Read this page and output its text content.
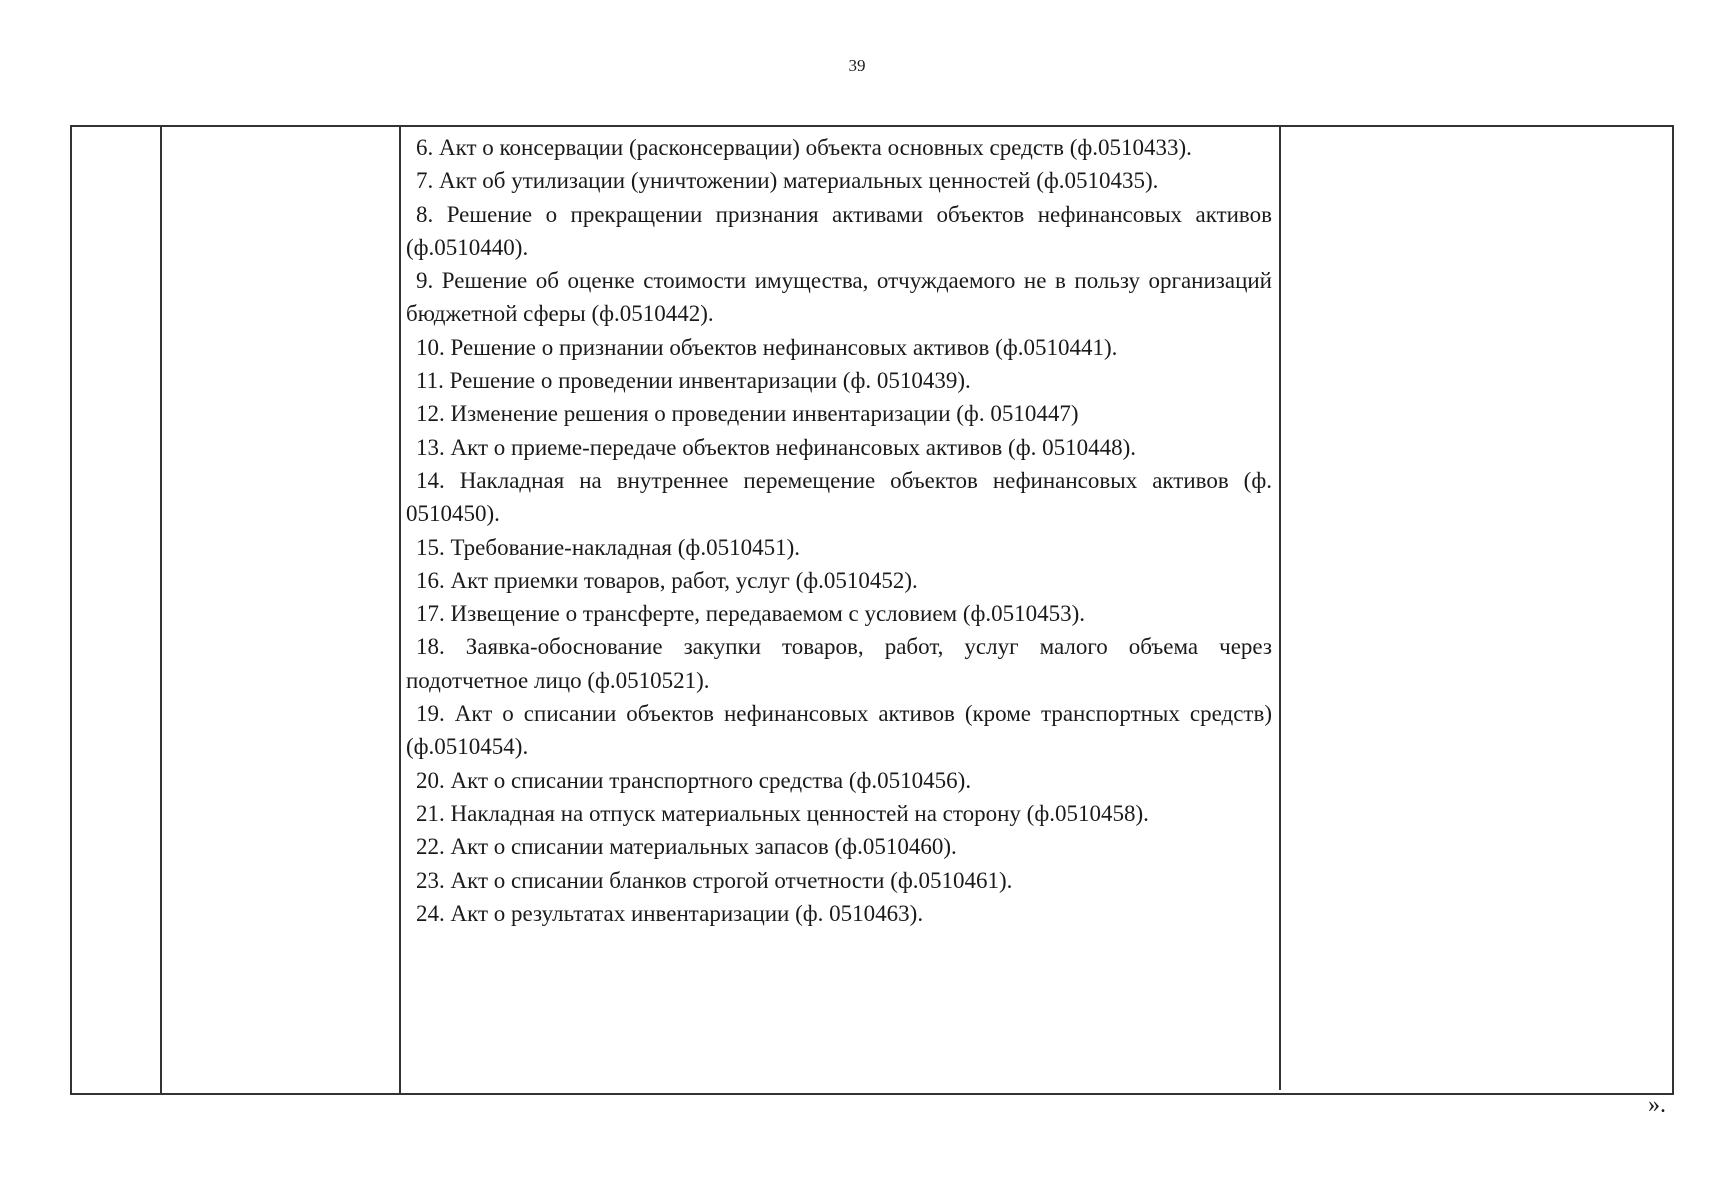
39
6. Акт о консервации (расконсервации) объекта основных средств (ф.0510433).
7. Акт об утилизации (уничтожении) материальных ценностей (ф.0510435).
8. Решение о прекращении признания активами объектов нефинансовых активов (ф.0510440).
9. Решение об оценке стоимости имущества, отчуждаемого не в пользу организаций бюджетной сферы (ф.0510442).
10. Решение о признании объектов нефинансовых активов (ф.0510441).
11. Решение о проведении инвентаризации (ф. 0510439).
12. Изменение решения о проведении инвентаризации (ф. 0510447)
13. Акт о приеме-передаче объектов нефинансовых активов (ф. 0510448).
14. Накладная на внутреннее перемещение объектов нефинансовых активов (ф. 0510450).
15. Требование-накладная (ф.0510451).
16. Акт приемки товаров, работ, услуг (ф.0510452).
17. Извещение о трансферте, передаваемом с условием (ф.0510453).
18. Заявка-обоснование закупки товаров, работ, услуг малого объема через подотчетное лицо (ф.0510521).
19. Акт о списании объектов нефинансовых активов (кроме транспортных средств) (ф.0510454).
20. Акт о списании транспортного средства (ф.0510456).
21. Накладная на отпуск материальных ценностей на сторону (ф.0510458).
22. Акт о списании материальных запасов (ф.0510460).
23. Акт о списании бланков строгой отчетности (ф.0510461).
24. Акт о результатах инвентаризации (ф. 0510463).
».
